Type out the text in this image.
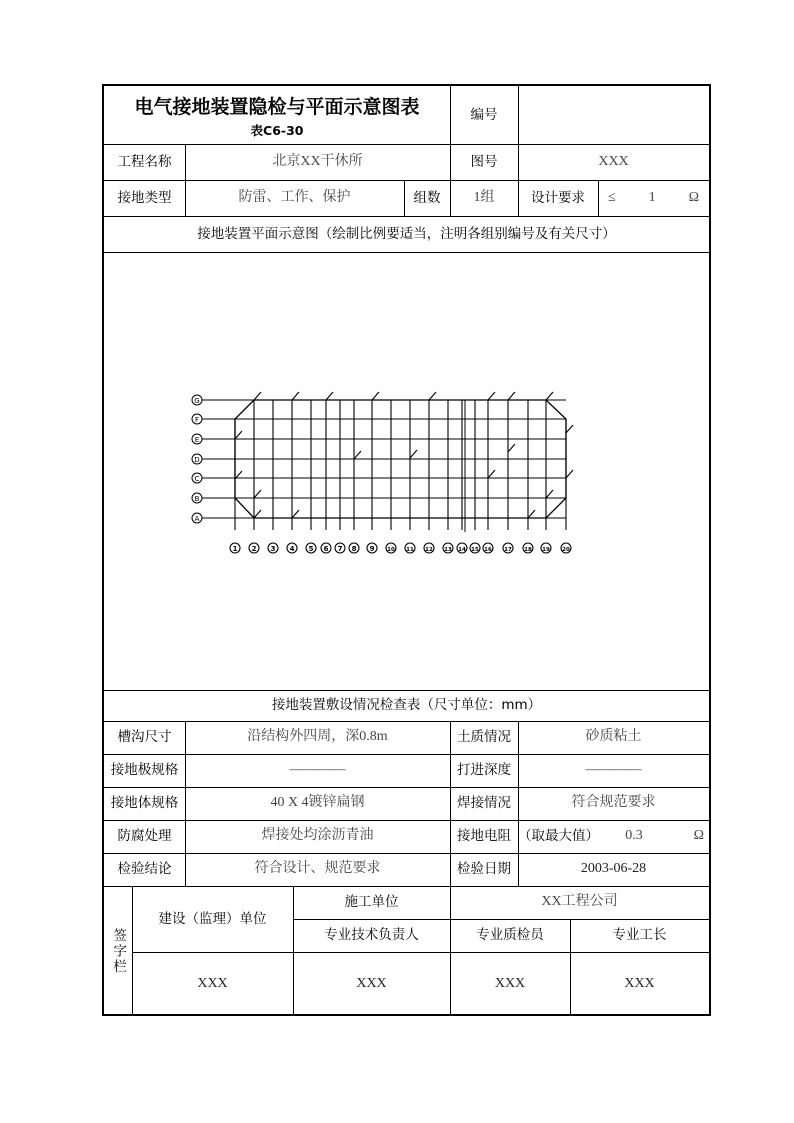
电气接地装置隐检与平面示意图表
表C6-30
编号
工程名称	北京XX干休所	图号	XXX
接地类型	防雷、工作、保护	组数	1组	设计要求	≤ 1 Ω
接地装置平面示意图（绘制比例要适当，注明各组别编号及有关尺寸）
G
F
E
D
C
B
A
1 2 3 4 5 6 7 8 9 10 11 12 13 14 15 16 17 18 19 20
接地装置敷设情况检查表（尺寸单位：mm）
槽沟尺寸	沿结构外四周，深0.8m	土质情况	砂质粘土
接地极规格	————	打进深度	————
接地体规格	40 X 4镀锌扁钢	焊接情况	符合规范要求
防腐处理	焊接处均涂沥青油	接地电阻 （取最大值）	0.3	Ω
检验结论	符合设计、规范要求	检验日期	2003-06-28
签字栏
建设（监理）单位
施工单位	XX工程公司
专业技术负责人	专业质检员	专业工长
XXX	XXX	XXX	XXX
